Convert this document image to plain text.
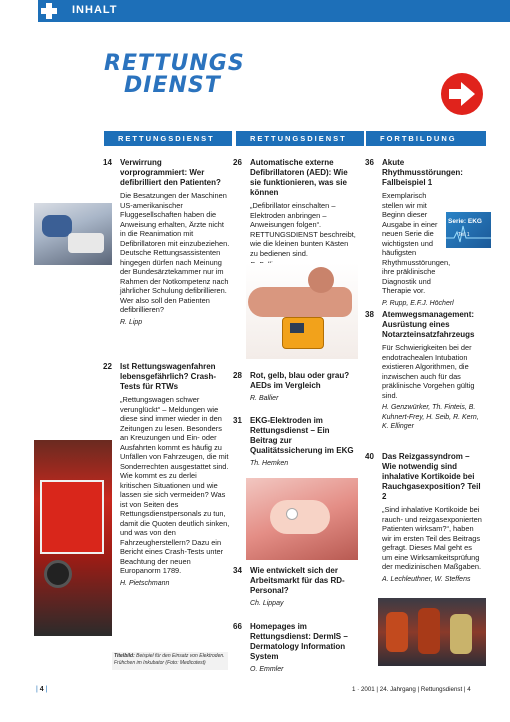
INHALT
RETTUNGS
DIENST
RETTUNGSDIENST	RETTUNGSDIENST	FORTBILDUNG
14 Verwirrung vorprogrammiert: Wer defibrilliert den Patienten?
Die Besatzungen der Maschinen US-amerikanischer Fluggesellschaften haben die Anweisung erhalten, Ärzte nicht in die Reanimation mit Defibrillatoren mit einzubeziehen. Deutsche Rettungsassistenten hingegen dürfen nach Meinung der Bundesärztekammer nur im Rahmen der Notkompetenz nach jährlicher Schulung defibrillieren. Wer also soll den Patienten defibrillieren?
R. Lipp
22 Ist Rettungswagenfahren lebensgefährlich? Crash-Tests für RTWs
„Rettungswagen schwer verunglückt“ – Meldungen wie diese sind immer wieder in den Zeitungen zu lesen. Besonders an Kreuzungen und Ein- oder Ausfahrten kommt es häufig zu Unfällen von Fahrzeugen, die mit Sonderrechten ausgestattet sind. Wie kommt es zu derlei kritischen Situationen und wie lassen sie sich vermeiden? Was ist von Seiten des Rettungsdienstpersonals zu tun, damit die Quoten deutlich sinken, und was von den Fahrzeugherstellern? Dazu ein Bericht eines Crash-Tests unter Beachtung der neuen Europanorm 1789.
H. Pietschmann
26 Automatische externe Defibrillatoren (AED): Wie sie funktionieren, was sie können
„Defibrillator einschalten – Elektroden anbringen – Anweisungen folgen“. RETTUNGSDIENST beschreibt, wie die kleinen bunten Kästen zu bedienen sind.
28 Rot, gelb, blau oder grau? AEDs im Vergleich
R. Ballier
31 EKG-Elektroden im Rettungsdienst – Ein Beitrag zur Qualitätssicherung im EKG
Th. Hemken
34 Wie entwickelt sich der Arbeitsmarkt für das RD-Personal?
Ch. Lippay
66 Homepages im Rettungsdienst: DermIS – Dermatology Information System
O. Emmler
36 Akute Rhythmusstörungen: Fallbeispiel 1
Exemplarisch stellen wir mit Beginn dieser Ausgabe in einer neuen Serie die wichtigsten und häufigsten Rhythmusstörungen, ihre präklinische Diagnostik und Therapie vor.
P. Rupp, E.F.J. Höcherl
Serie: EKG
Teil 1
38 Atemwegsmanagement: Ausrüstung eines Notarzteinsatzfahrzeugs
Für Schwierigkeiten bei der endotrachealen Intubation existieren Algorithmen, die inzwischen auch für das präklinische Vorgehen gültig sind.
H. Genzwürker, Th. Finteis, B. Kuhnert-Frey, H. Seib, R. Kern, K. Ellinger
40 Das Reizgassyndrom – Wie notwendig sind inhalative Kortikoide bei Rauchgasexposition? Teil 2
„Sind inhalative Kortikoide bei rauch- und reizgasexponierten Patienten wirksam?“, haben wir im ersten Teil des Beitrags gefragt. Dieses Mal geht es um eine Wirksamkeitsprüfung der medizinischen Maßgaben.
A. Lechleuthner, W. Steffens
Titelbild: Beispiel für den Einsatz von Elektroden. Frühchen im Inkubator (Foto: Medicotest)
| 4 |	1 · 2001 | 24. Jahrgang | Rettungsdienst | 4
